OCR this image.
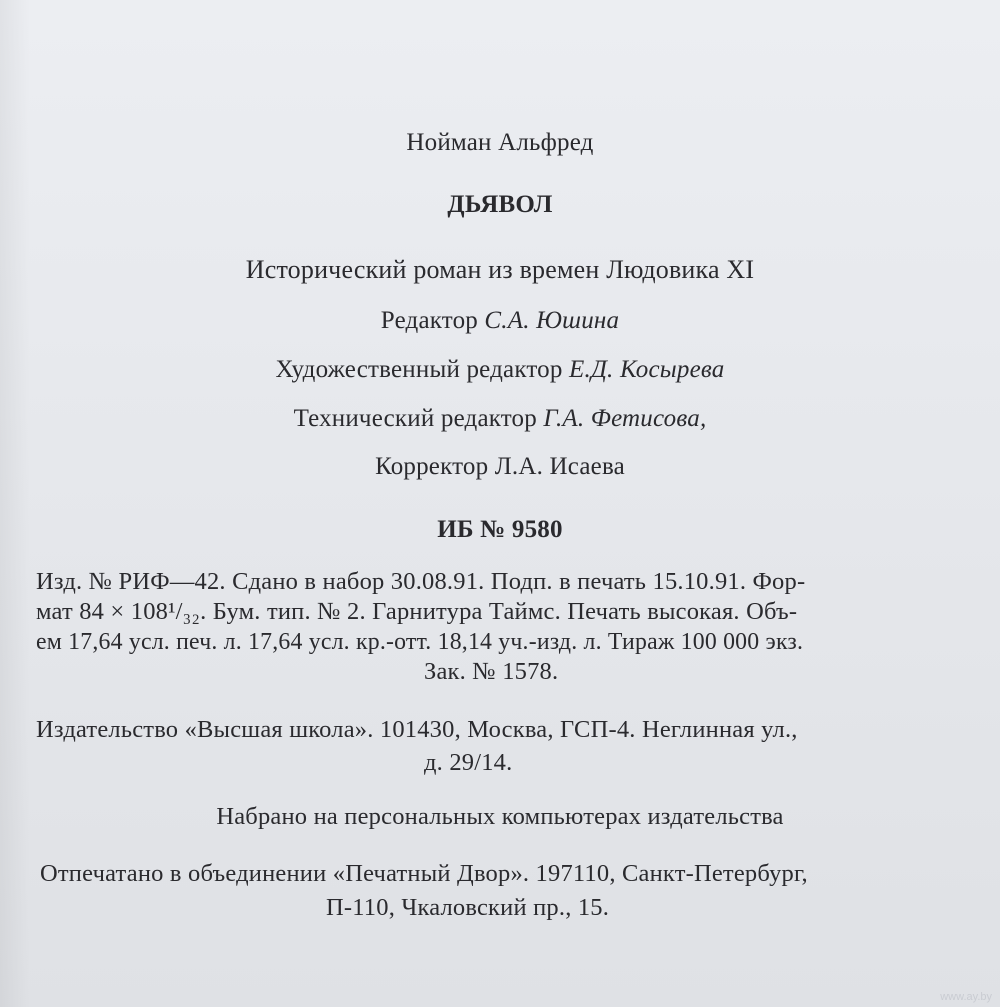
Нойман Альфред
ДЬЯВОЛ
Исторический роман из времен Людовика XI
Редактор С.А. Юшина
Художественный редактор Е.Д. Косырева
Технический редактор Г.А. Фетисова,
Корректор Л.А. Исаева
ИБ № 9580
Изд. № РИФ—42. Сдано в набор 30.08.91. Подп. в печать 15.10.91. Фор-
мат 84 × 108¹/₃₂. Бум. тип. № 2. Гарнитура Таймс. Печать высокая. Объ-
ем 17,64 усл. печ. л. 17,64 усл. кр.-отт. 18,14 уч.-изд. л. Тираж 100 000 экз.
Зак. № 1578.
Издательство «Высшая школа». 101430, Москва, ГСП-4. Неглинная ул.,
д. 29/14.
Набрано на персональных компьютерах издательства
Отпечатано в объединении «Печатный Двор». 197110, Санкт-Петербург,
П-110, Чкаловский пр., 15.
www.ay.by
